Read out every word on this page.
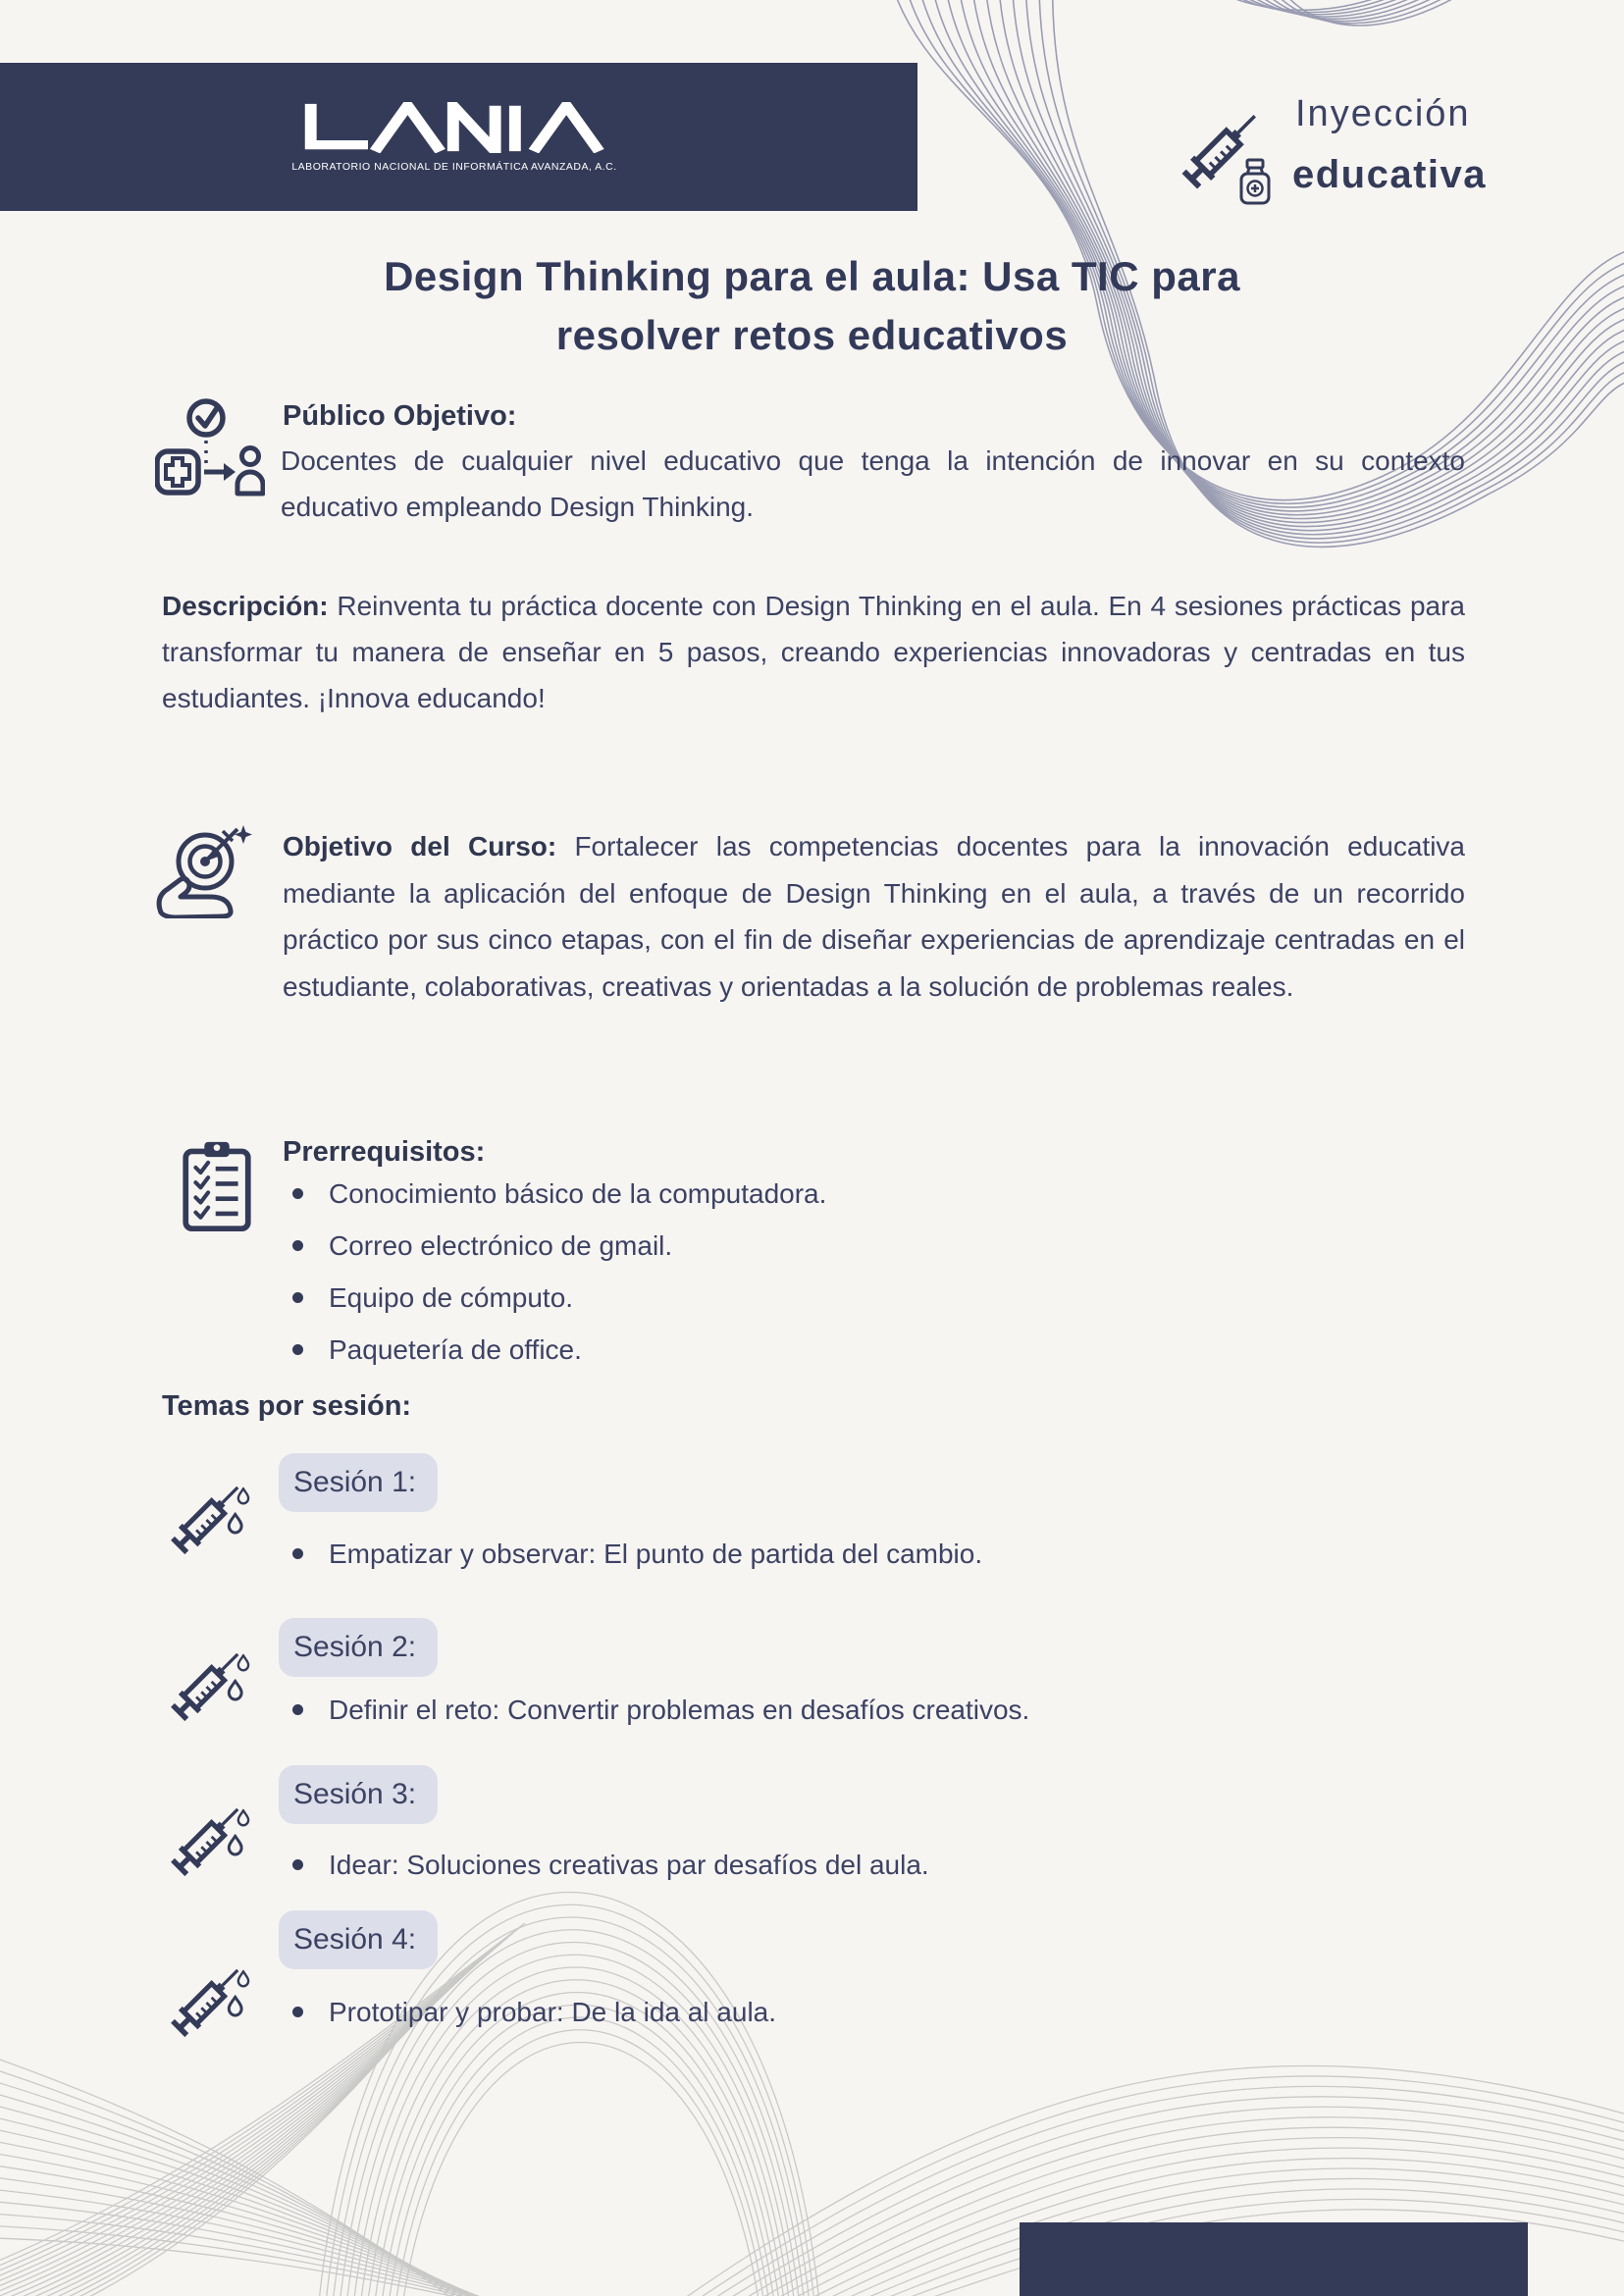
LABORATORIO NACIONAL DE INFORMÁTICA AVANZADA, A.C.
Inyección
educativa
Design Thinking para el aula: Usa TIC para
resolver retos educativos
Público Objetivo:

Docentes de cualquier nivel educativo que tenga la intención de innovar en su contexto educativo empleando Design Thinking.

Descripción: Reinventa tu práctica docente con Design Thinking en el aula. En 4 sesiones prácticas para transformar tu manera de enseñar en 5 pasos, creando experiencias innovadoras y centradas en tus estudiantes. ¡Innova educando!

Objetivo del Curso: Fortalecer las competencias docentes para la innovación educativa mediante la aplicación del enfoque de Design Thinking en el aula, a través de un recorrido práctico por sus cinco etapas, con el fin de diseñar experiencias de aprendizaje centradas en el estudiante, colaborativas, creativas y orientadas a la solución de problemas reales.

Prerrequisitos:
Conocimiento básico de la computadora.
Correo electrónico de gmail.
Equipo de cómputo.
Paquetería de office.
Temas por sesión:
Sesión 1:
Empatizar y observar: El punto de partida del cambio.
Sesión 2:
Definir el reto: Convertir problemas en desafíos creativos.
Sesión 3:
Idear: Soluciones creativas par desafíos del aula.
Sesión 4:
Prototipar y probar: De la ida al aula.
